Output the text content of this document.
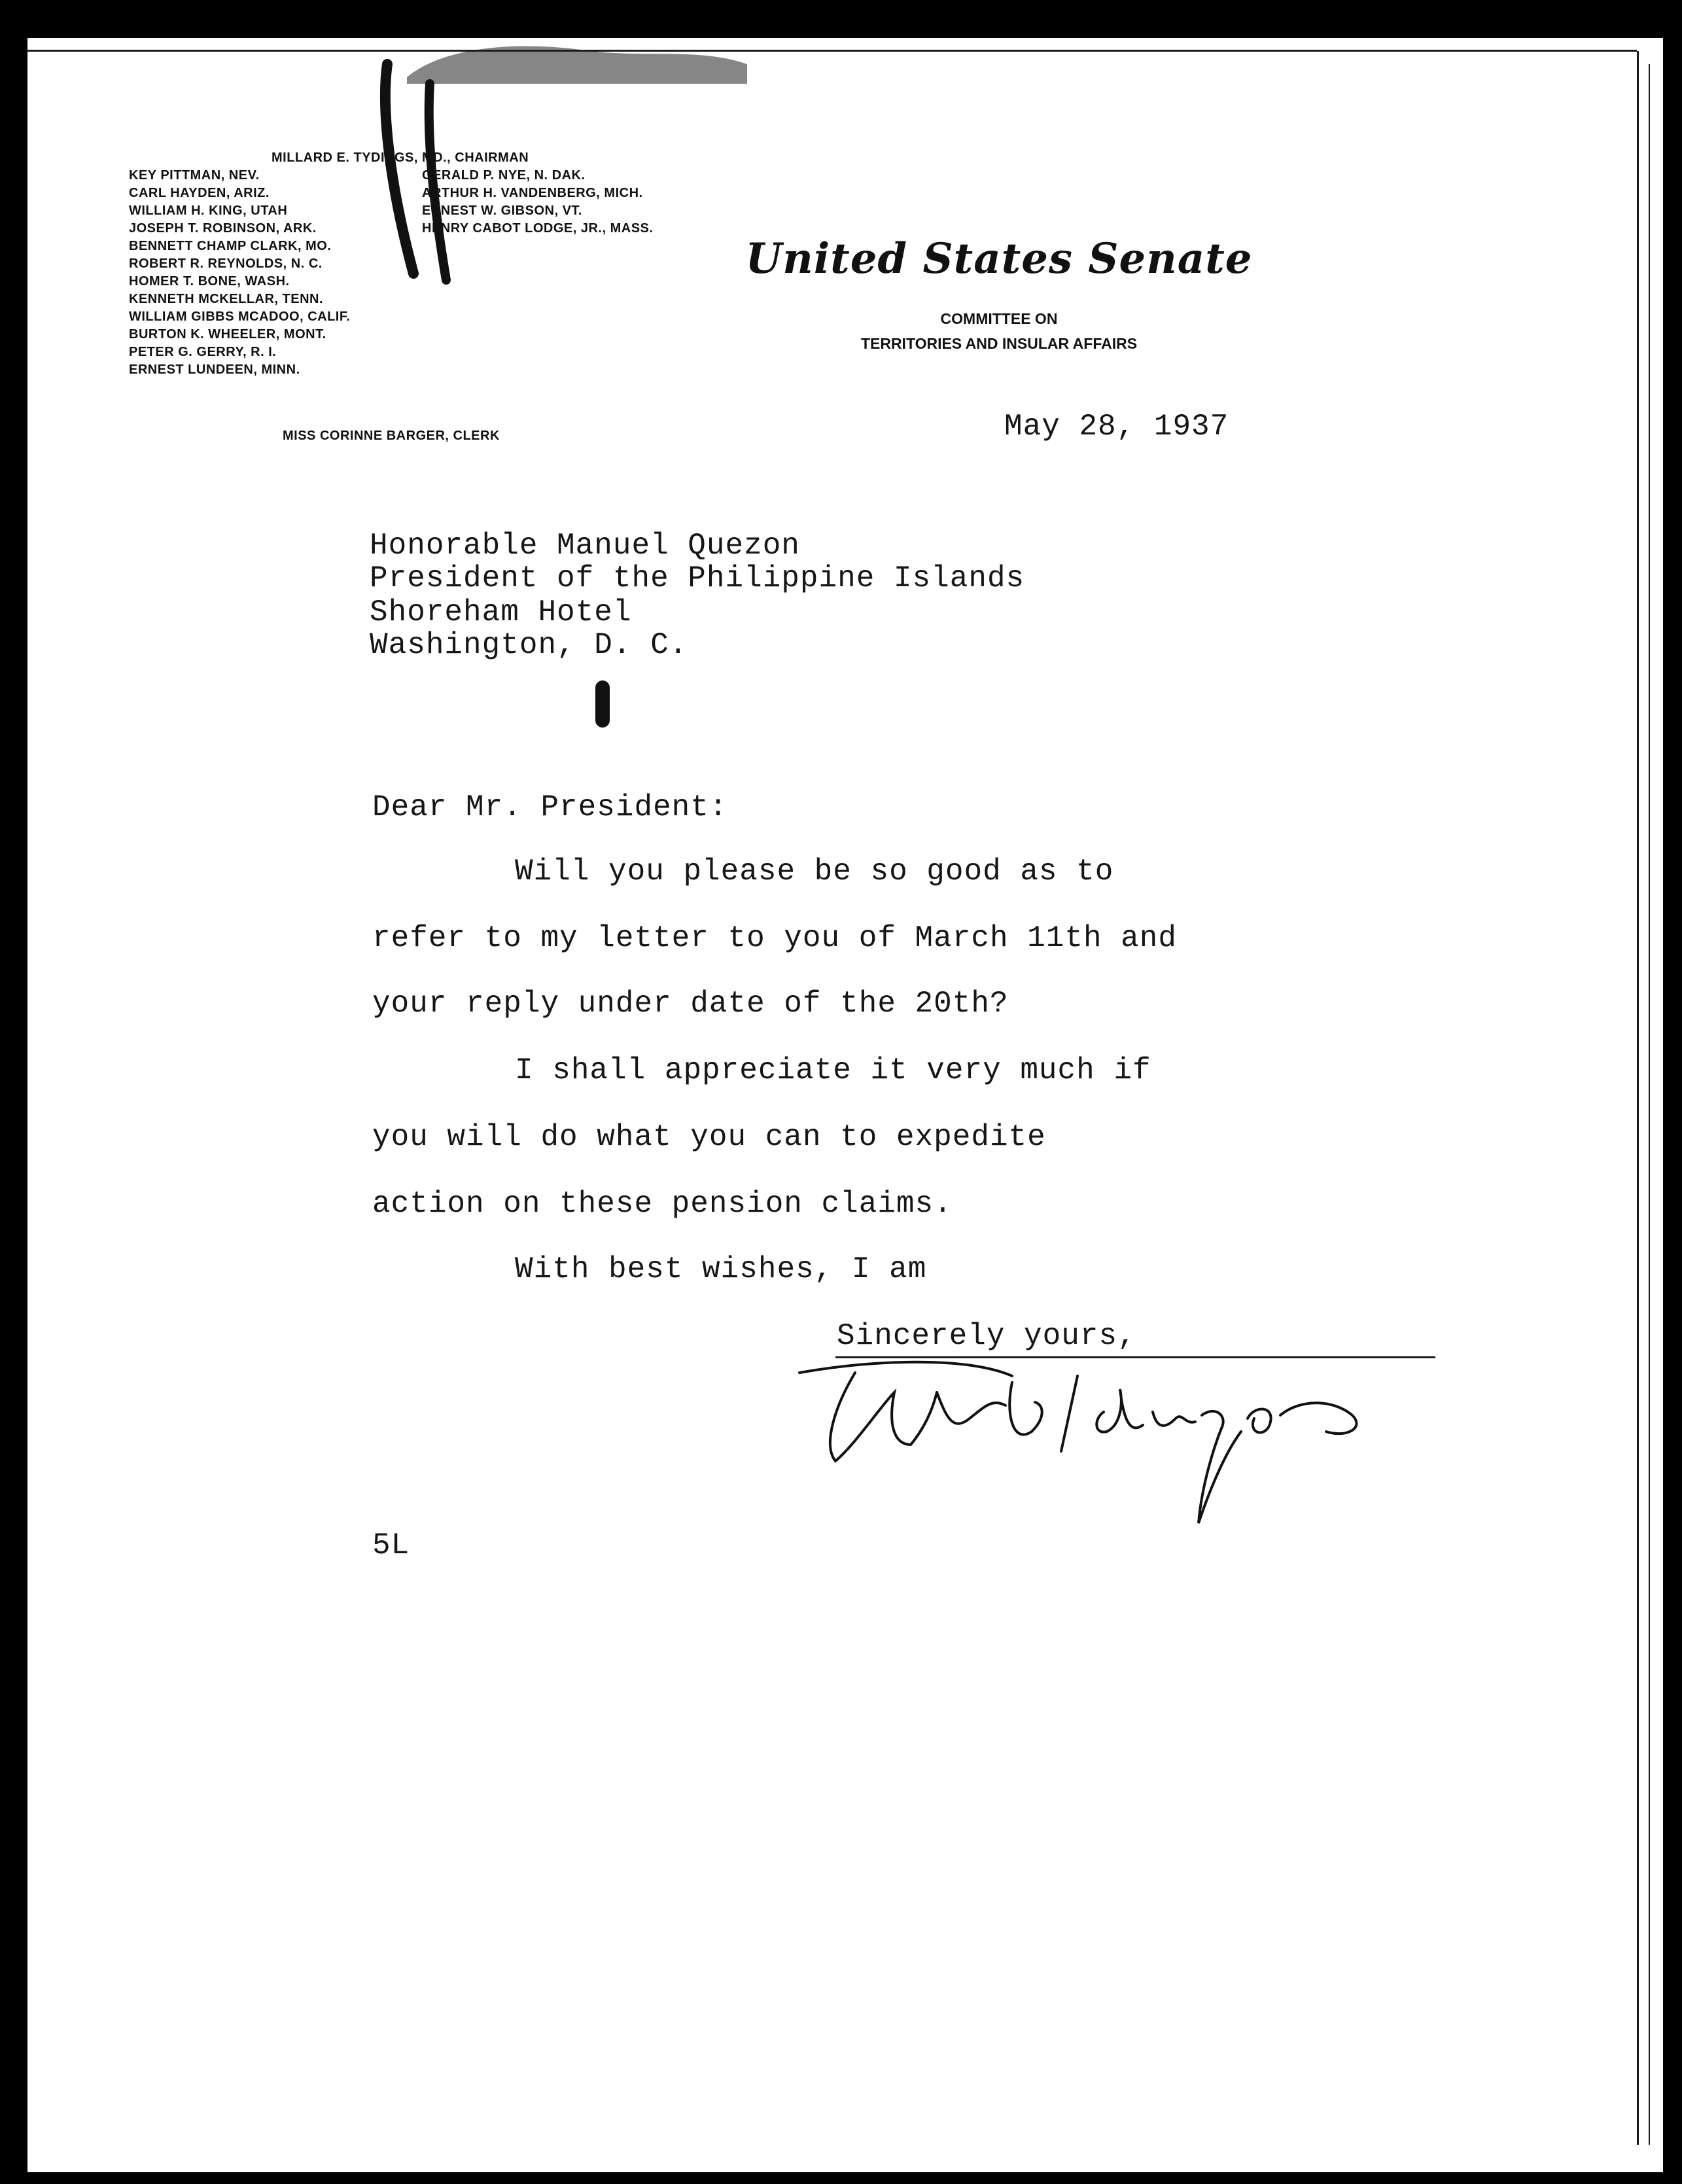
MILLARD E. TYDINGS, MD., CHAIRMAN
KEY PITTMAN, NEV.
CARL HAYDEN, ARIZ.
WILLIAM H. KING, UTAH
JOSEPH T. ROBINSON, ARK.
BENNETT CHAMP CLARK, MO.
ROBERT R. REYNOLDS, N. C.
HOMER T. BONE, WASH.
KENNETH MCKELLAR, TENN.
WILLIAM GIBBS MCADOO, CALIF.
BURTON K. WHEELER, MONT.
PETER G. GERRY, R. I.
ERNEST LUNDEEN, MINN.
GERALD P. NYE, N. DAK.
ARTHUR H. VANDENBERG, MICH.
ERNEST W. GIBSON, VT.
HENRY CABOT LODGE, JR., MASS.
MISS CORINNE BARGER, CLERK
United States Senate
COMMITTEE ON
TERRITORIES AND INSULAR AFFAIRS
May 28, 1937
Honorable Manuel Quezon
President of the Philippine Islands
Shoreham Hotel
Washington, D. C.
Dear Mr. President:
Will you please be so good as to
refer to my letter to you of March 11th and
your reply under date of the 20th?
I shall appreciate it very much if
you will do what you can to expedite
action on these pension claims.
With best wishes, I am
Sincerely yours,
5L
